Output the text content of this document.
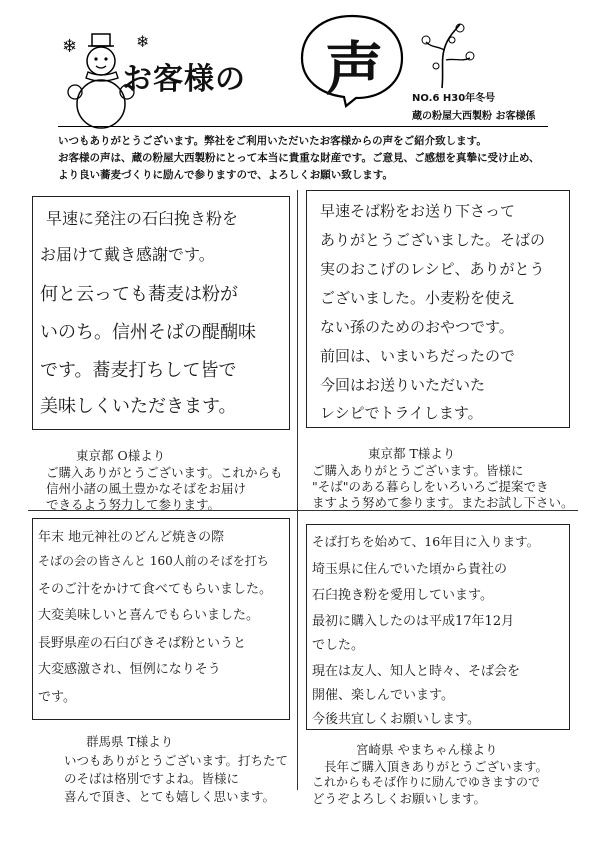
❄	❄
お客様の 声	NO.6 H30年冬号
蔵の粉屋大西製粉 お客様係

いつもありがとうございます。弊社をご利用いただいたお客様からの声をご紹介致します。

お客様の声は、蔵の粉屋大西製粉にとって本当に貴重な財産です。ご意見、ご感想を真摯に受け止め、

より良い蕎麦づくりに励んで参りますので、よろしくお願い致します。

早速に発注の石臼挽き粉を
お届けて戴き感謝です。
何と云っても蕎麦は粉が
いのち。信州そばの醍醐味
です。蕎麦打ちして皆で
美味しくいただきます。
東京都 O様より
ご購入ありがとうございます。これからも
信州小諸の風土豊かなそばをお届け
できるよう努力して参ります。
早速そば粉をお送り下さって
ありがとうございました。そばの
実のおこげのレシピ、ありがとう
ございました。小麦粉を使え
ない孫のためのおやつです。
前回は、いまいちだったので
今回はお送りいただいた
レシピでトライします。
東京都 T様より
ご購入ありがとうございます。皆様に
"そば"のある暮らしをいろいろご提案でき
ますよう努めて参ります。またお試し下さい。
年末 地元神社のどんど焼きの際
そばの会の皆さんと 160人前のそばを打ち
そのご汁をかけて食べてもらいました。
大変美味しいと喜んでもらいました。
長野県産の石臼びきそば粉というと
大変感激され、恒例になりそう
です。
群馬県 T様より
いつもありがとうございます。打ちたて
のそばは格別ですよね。皆様に
喜んで頂き、とても嬉しく思います。
そば打ちを始めて、16年目に入ります。
埼玉県に住んでいた頃から貴社の
石臼挽き粉を愛用しています。
最初に購入したのは平成17年12月
でした。
現在は友人、知人と時々、そば会を
開催、楽しんでいます。
今後共宜しくお願いします。
宮崎県 やまちゃん様より
長年ご購入頂きありがとうございます。
これからもそば作りに励んでゆきますので
どうぞよろしくお願いします。
